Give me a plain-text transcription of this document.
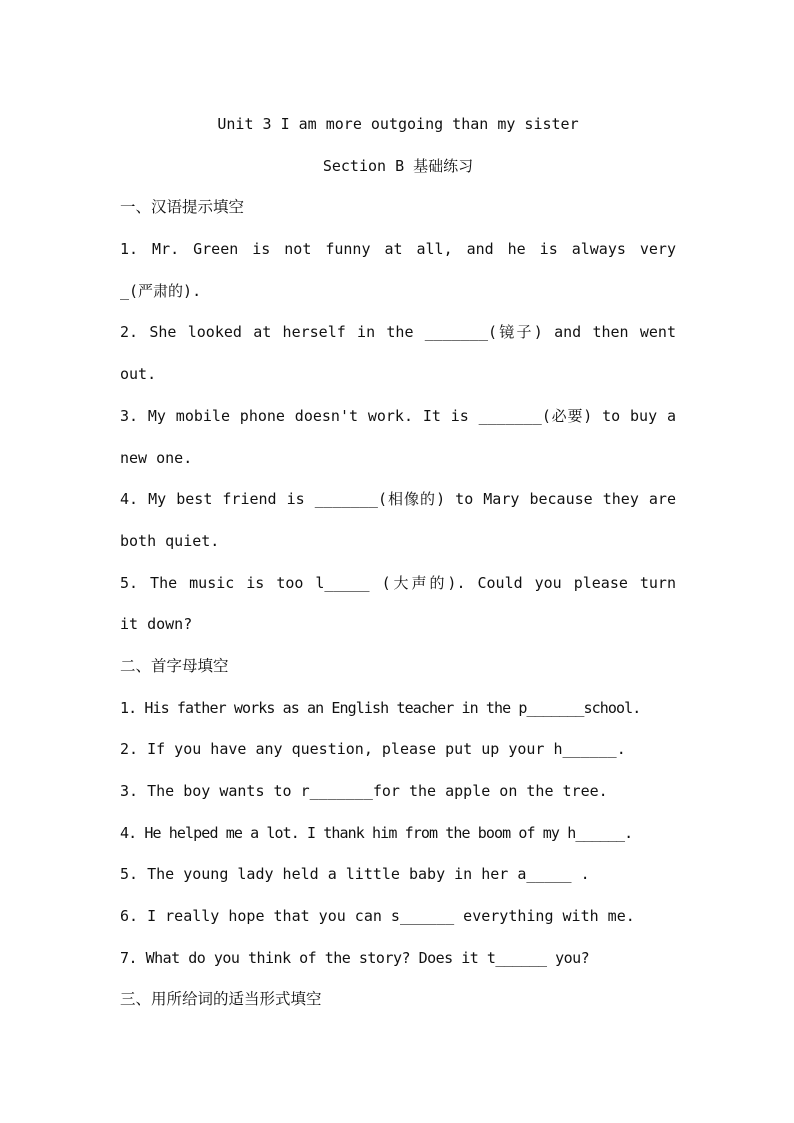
Unit 3 I am more outgoing than my sister
Section B 基础练习
一、汉语提示填空
1. Mr. Green is not funny at all, and he is always very
_(严肃的).
2. She looked at herself in the _______(镜子) and then went
out.
3. My mobile phone doesn't work. It is _______(必要) to buy a
new one.
4. My best friend is _______(相像的) to Mary because they are
both quiet.
5. The music is too l_____ (大声的). Could you please turn
it down?
二、首字母填空
1. His father works as an English teacher in the p_______school.
2. If you have any question, please put up your h______.
3. The boy wants to r_______for the apple on the tree.
4. He helped me a lot. I thank him from the boom of my h______.
5. The young lady held a little baby in her a_____ .
6. I really hope that you can s______ everything with me.
7. What do you think of the story? Does it t______ you?
三、用所给词的适当形式填空
